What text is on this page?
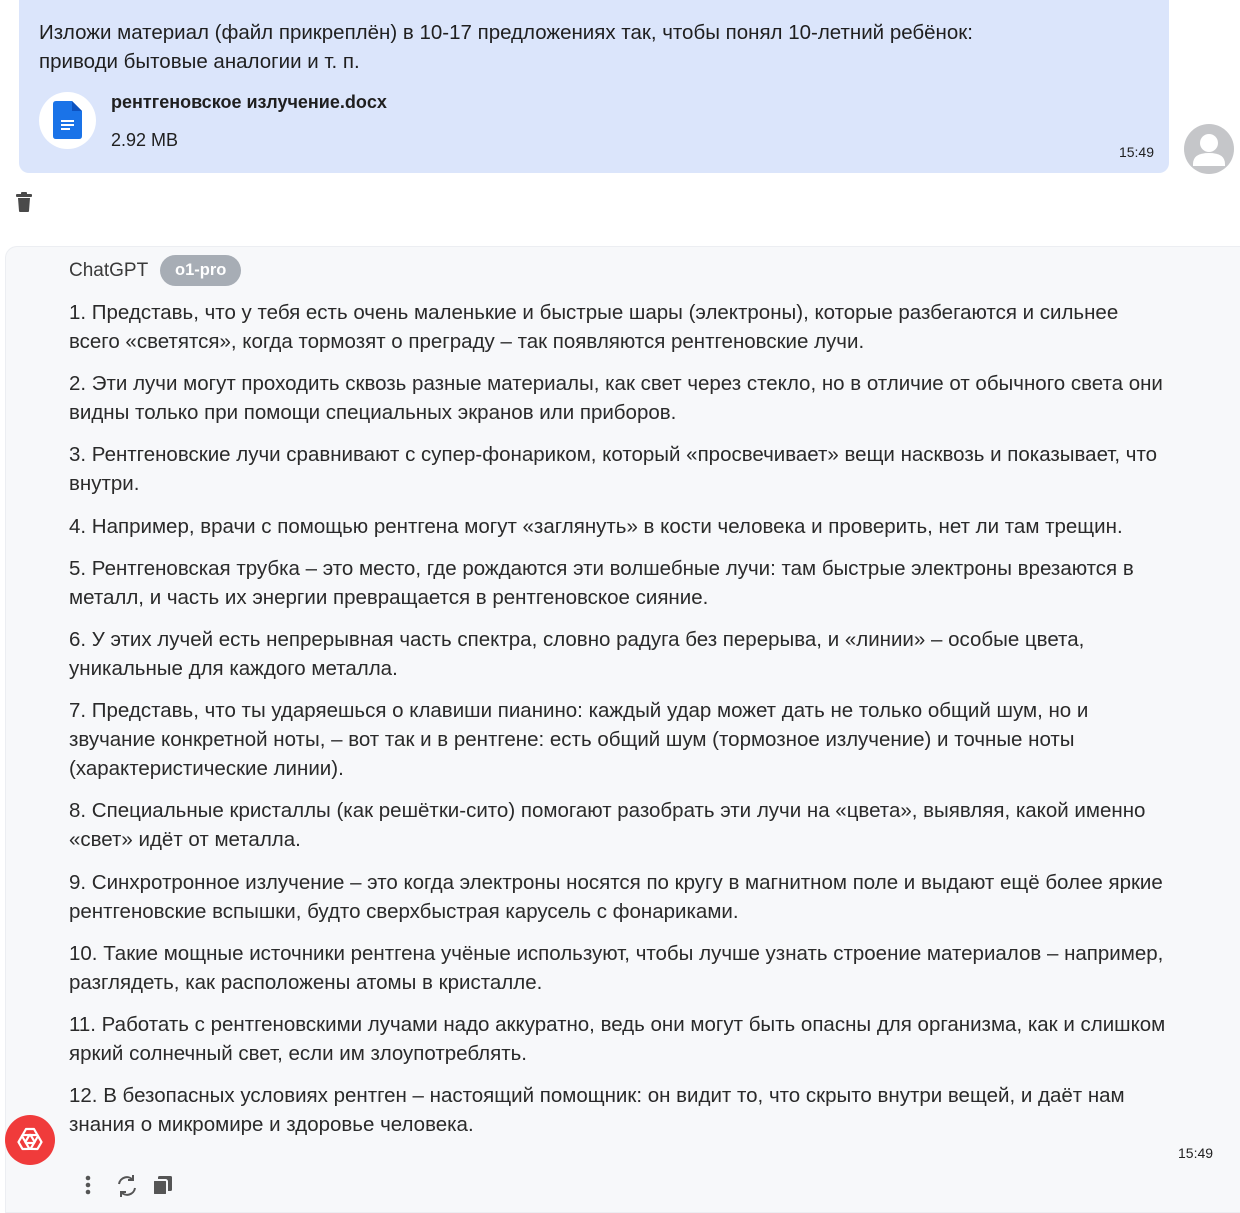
Изложи материал (файл прикреплён) в 10-17 предложениях так, чтобы понял 10-летний ребёнок:
приводи бытовые аналогии и т. п.
рентгеновское излучение.docx
2.92 MB
15:49
ChatGPT	o1-pro
1. Представь, что у тебя есть очень маленькие и быстрые шары (электроны), которые разбегаются и сильнее всего «светятся», когда тормозят о преграду – так появляются рентгеновские лучи.
2. Эти лучи могут проходить сквозь разные материалы, как свет через стекло, но в отличие от обычного света они видны только при помощи специальных экранов или приборов.
3. Рентгеновские лучи сравнивают с супер-фонариком, который «просвечивает» вещи насквозь и показывает, что внутри.
4. Например, врачи с помощью рентгена могут «заглянуть» в кости человека и проверить, нет ли там трещин.
5. Рентгеновская трубка – это место, где рождаются эти волшебные лучи: там быстрые электроны врезаются в металл, и часть их энергии превращается в рентгеновское сияние.
6. У этих лучей есть непрерывная часть спектра, словно радуга без перерыва, и «линии» – особые цвета, уникальные для каждого металла.
7. Представь, что ты ударяешься о клавиши пианино: каждый удар может дать не только общий шум, но и звучание конкретной ноты, – вот так и в рентгене: есть общий шум (тормозное излучение) и точные ноты (характеристические линии).
8. Специальные кристаллы (как решётки-сито) помогают разобрать эти лучи на «цвета», выявляя, какой именно «свет» идёт от металла.
9. Синхротронное излучение – это когда электроны носятся по кругу в магнитном поле и выдают ещё более яркие рентгеновские вспышки, будто сверхбыстрая карусель с фонариками.
10. Такие мощные источники рентгена учёные используют, чтобы лучше узнать строение материалов – например, разглядеть, как расположены атомы в кристалле.
11. Работать с рентгеновскими лучами надо аккуратно, ведь они могут быть опасны для организма, как и слишком яркий солнечный свет, если им злоупотреблять.
12. В безопасных условиях рентген – настоящий помощник: он видит то, что скрыто внутри вещей, и даёт нам знания о микромире и здоровье человека.
15:49
